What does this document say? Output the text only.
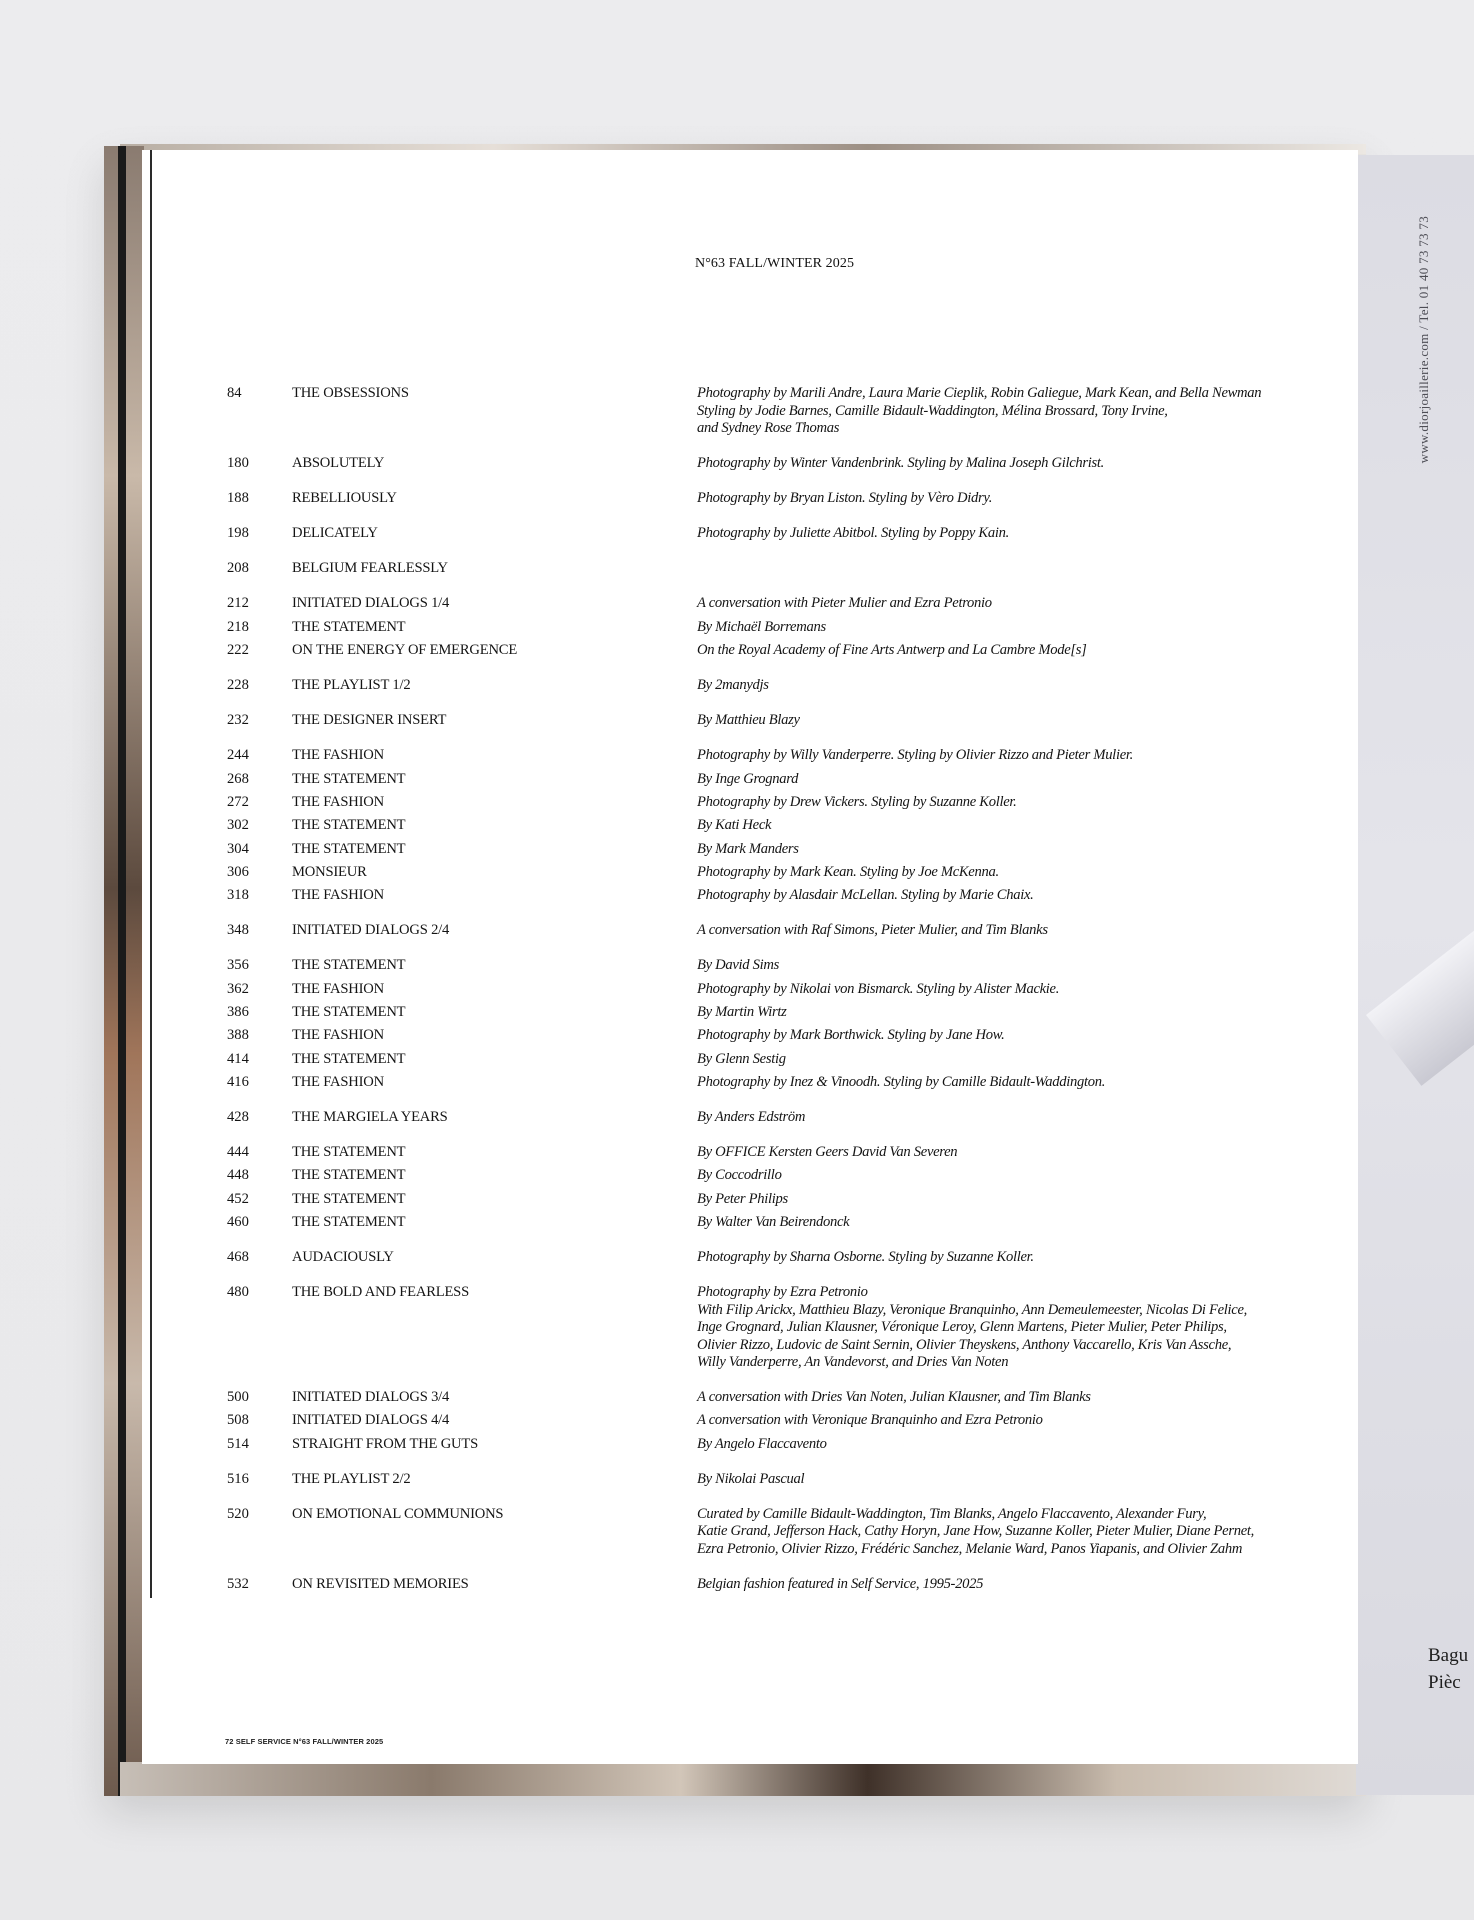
www.diorjoaillerie.com / Tel. 01 40 73 73 73
Bagu
Pièc
N°63 FALL/WINTER 2025
84	THE OBSESSIONS	Photography by Marili Andre, Laura Marie Cieplik, Robin Galiegue, Mark Kean, and Bella Newman
Styling by Jodie Barnes, Camille Bidault-Waddington, Mélina Brossard, Tony Irvine,
and Sydney Rose Thomas
180	ABSOLUTELY	Photography by Winter Vandenbrink. Styling by Malina Joseph Gilchrist.
188	REBELLIOUSLY	Photography by Bryan Liston. Styling by Vèro Didry.
198	DELICATELY	Photography by Juliette Abitbol. Styling by Poppy Kain.
208	BELGIUM FEARLESSLY
212	INITIATED DIALOGS 1/4	A conversation with Pieter Mulier and Ezra Petronio
218	THE STATEMENT	By Michaël Borremans
222	ON THE ENERGY OF EMERGENCE	On the Royal Academy of Fine Arts Antwerp and La Cambre Mode[s]
228	THE PLAYLIST 1/2	By 2manydjs
232	THE DESIGNER INSERT	By Matthieu Blazy
244	THE FASHION	Photography by Willy Vanderperre. Styling by Olivier Rizzo and Pieter Mulier.
268	THE STATEMENT	By Inge Grognard
272	THE FASHION	Photography by Drew Vickers. Styling by Suzanne Koller.
302	THE STATEMENT	By Kati Heck
304	THE STATEMENT	By Mark Manders
306	MONSIEUR	Photography by Mark Kean. Styling by Joe McKenna.
318	THE FASHION	Photography by Alasdair McLellan. Styling by Marie Chaix.
348	INITIATED DIALOGS 2/4	A conversation with Raf Simons, Pieter Mulier, and Tim Blanks
356	THE STATEMENT	By David Sims
362	THE FASHION	Photography by Nikolai von Bismarck. Styling by Alister Mackie.
386	THE STATEMENT	By Martin Wirtz
388	THE FASHION	Photography by Mark Borthwick. Styling by Jane How.
414	THE STATEMENT	By Glenn Sestig
416	THE FASHION	Photography by Inez & Vinoodh. Styling by Camille Bidault-Waddington.
428	THE MARGIELA YEARS	By Anders Edström
444	THE STATEMENT	By OFFICE Kersten Geers David Van Severen
448	THE STATEMENT	By Coccodrillo
452	THE STATEMENT	By Peter Philips
460	THE STATEMENT	By Walter Van Beirendonck
468	AUDACIOUSLY	Photography by Sharna Osborne. Styling by Suzanne Koller.
480	THE BOLD AND FEARLESS	Photography by Ezra Petronio
With Filip Arickx, Matthieu Blazy, Veronique Branquinho, Ann Demeulemeester, Nicolas Di Felice,
Inge Grognard, Julian Klausner, Véronique Leroy, Glenn Martens, Pieter Mulier, Peter Philips,
Olivier Rizzo, Ludovic de Saint Sernin, Olivier Theyskens, Anthony Vaccarello, Kris Van Assche,
Willy Vanderperre, An Vandevorst, and Dries Van Noten
500	INITIATED DIALOGS 3/4	A conversation with Dries Van Noten, Julian Klausner, and Tim Blanks
508	INITIATED DIALOGS 4/4	A conversation with Veronique Branquinho and Ezra Petronio
514	STRAIGHT FROM THE GUTS	By Angelo Flaccavento
516	THE PLAYLIST 2/2	By Nikolai Pascual
520	ON EMOTIONAL COMMUNIONS	Curated by Camille Bidault-Waddington, Tim Blanks, Angelo Flaccavento, Alexander Fury,
Katie Grand, Jefferson Hack, Cathy Horyn, Jane How, Suzanne Koller, Pieter Mulier, Diane Pernet,
Ezra Petronio, Olivier Rizzo, Frédéric Sanchez, Melanie Ward, Panos Yiapanis, and Olivier Zahm
532	ON REVISITED MEMORIES	Belgian fashion featured in Self Service, 1995-2025
72 SELF SERVICE N°63 FALL/WINTER 2025
